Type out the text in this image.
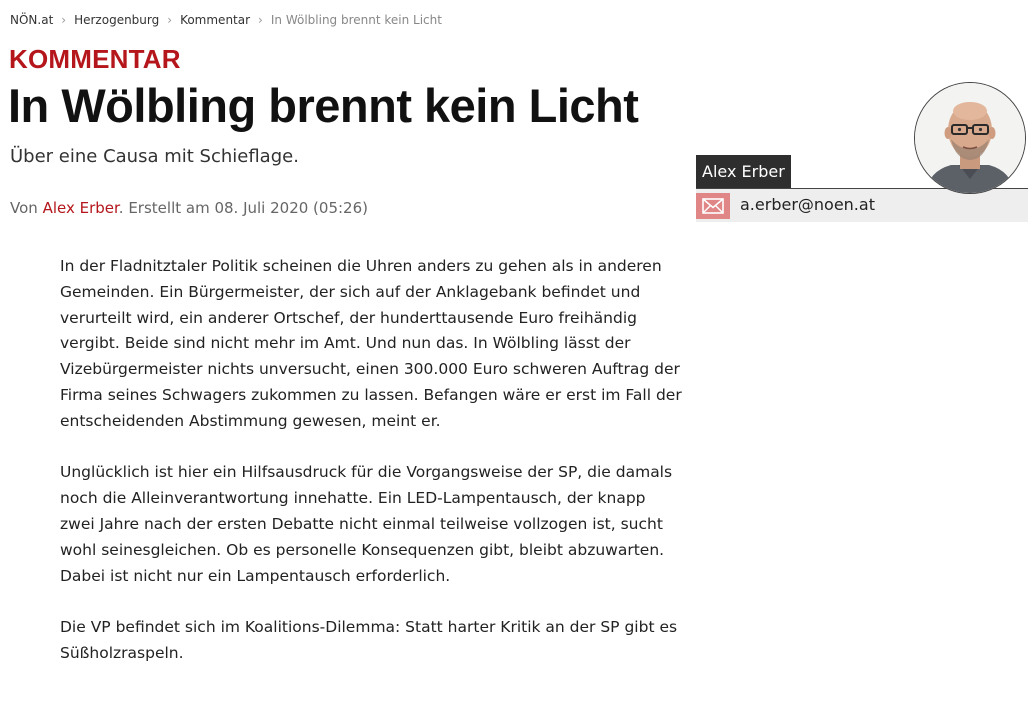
NÖN.at › Herzogenburg › Kommentar › In Wölbling brennt kein Licht
KOMMENTAR
In Wölbling brennt kein Licht
Über eine Causa mit Schieflage.
Von Alex Erber. Erstellt am 08. Juli 2020 (05:26)

In der Fladnitztaler Politik scheinen die Uhren anders zu gehen als in anderen Gemeinden. Ein Bürgermeister, der sich auf der Anklagebank befindet und verurteilt wird, ein anderer Ortschef, der hunderttausende Euro freihändig vergibt. Beide sind nicht mehr im Amt. Und nun das. In Wölbling lässt der Vizebürgermeister nichts unversucht, einen 300.000 Euro schweren Auftrag der Firma seines Schwagers zukommen zu lassen. Befangen wäre er erst im Fall der entscheidenden Abstimmung gewesen, meint er.

Unglücklich ist hier ein Hilfsausdruck für die Vorgangsweise der SP, die damals noch die Alleinverantwortung innehatte. Ein LED-Lampentausch, der knapp zwei Jahre nach der ersten Debatte nicht einmal teilweise vollzogen ist, sucht wohl seinesgleichen. Ob es personelle Konsequenzen gibt, bleibt abzuwarten. Dabei ist nicht nur ein Lampentausch erforderlich.

Die VP befindet sich im Koalitions-Dilemma: Statt harter Kritik an der SP gibt es Süßholzraspeln.

Alex Erber
a.erber@noen.at
